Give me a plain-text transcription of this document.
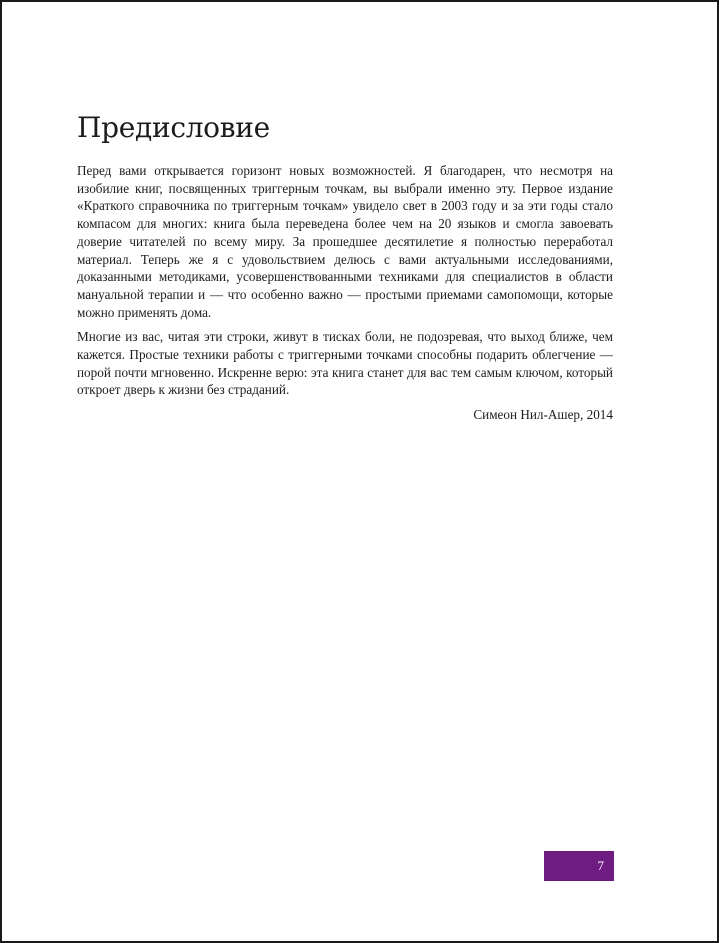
Предисловие

Перед вами открывается горизонт новых возможностей. Я благодарен, что несмотря на изобилие книг, посвященных триггерным точкам, вы выбрали именно эту. Первое издание «Краткого справочника по триггерным точкам» увидело свет в 2003 году и за эти годы стало компасом для многих: книга была переведена более чем на 20 языков и смогла завоевать доверие читателей по всему миру. За прошедшее десятилетие я полностью переработал материал. Теперь же я с удовольствием делюсь с вами актуальными исследованиями, доказанными методиками, усовершенствованными техниками для специалистов в области мануальной терапии и — что особенно важно — простыми приемами самопомощи, которые можно применять дома.

Многие из вас, читая эти строки, живут в тисках боли, не подозревая, что выход ближе, чем кажется. Простые техники работы с триггерными точками способны подарить облегчение — порой почти мгновенно. Искренне верю: эта книга станет для вас тем самым ключом, который откроет дверь к жизни без страданий.

Симеон Нил-Ашер, 2014

7
